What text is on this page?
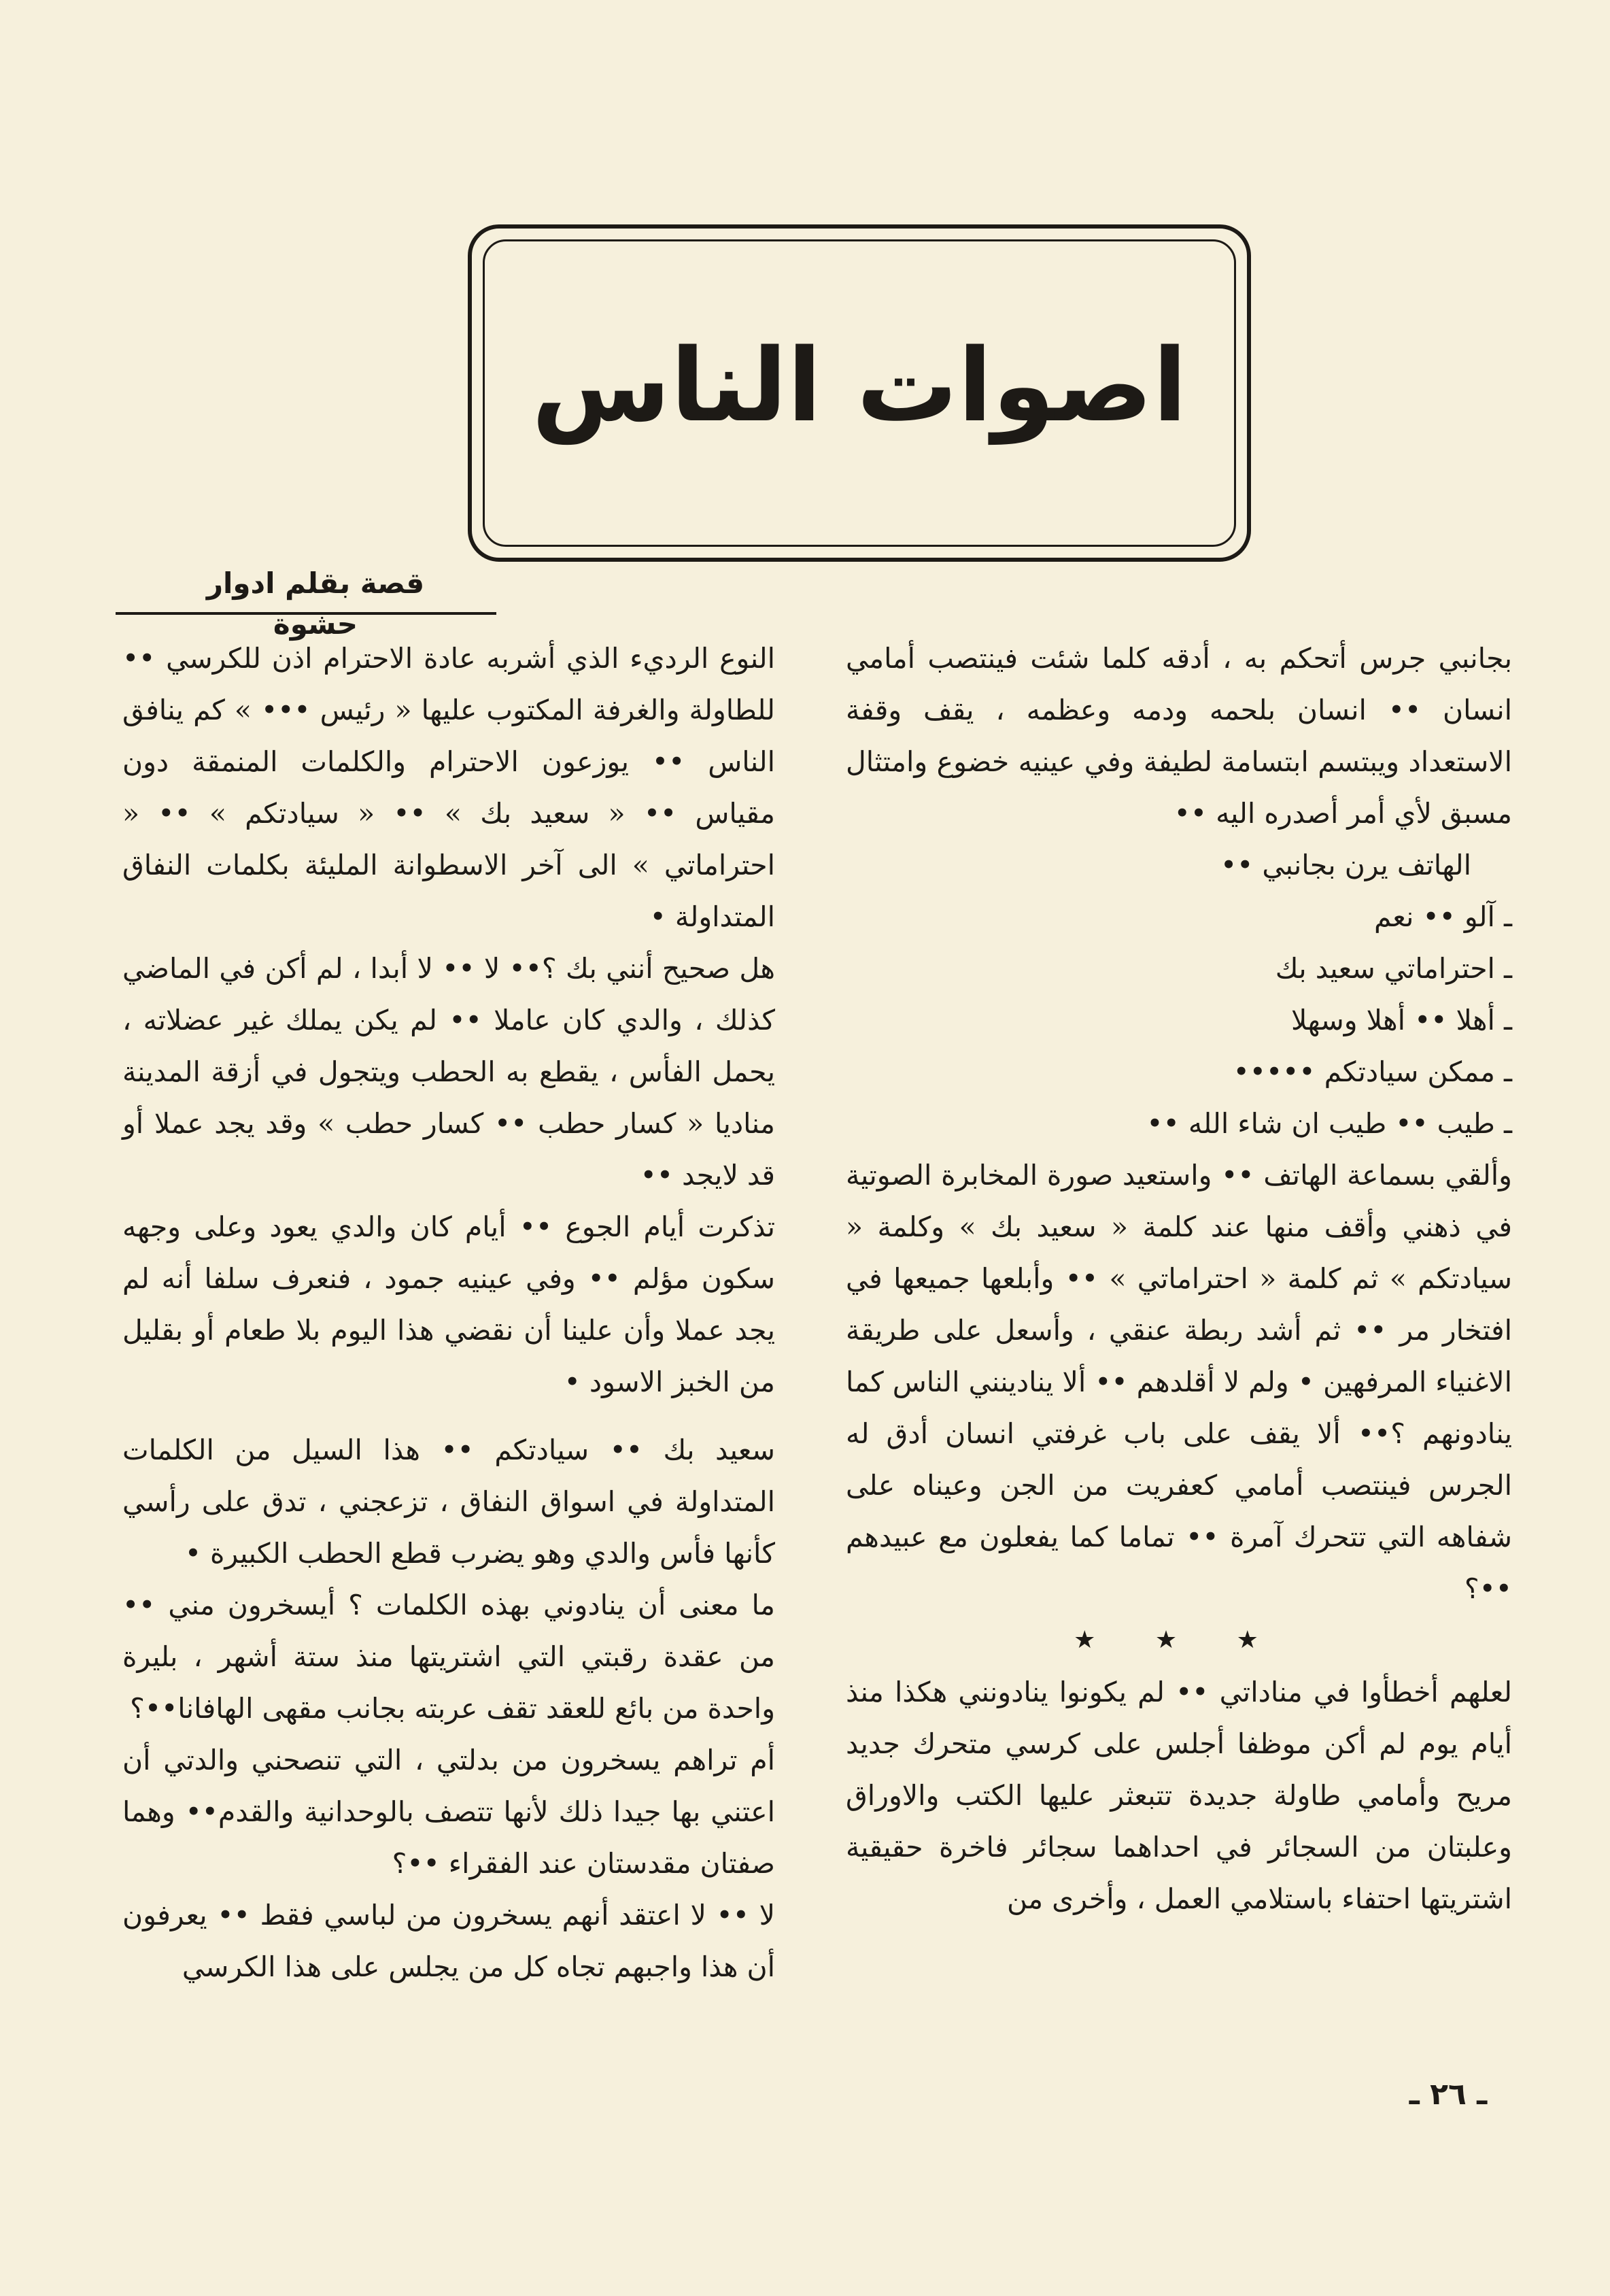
اصوات الناس
قصة بقلم ادوار حشوة

بجانبي جرس أتحكم به ، أدقه كلما شئت فينتصب أمامي انسان •• انسان بلحمه ودمه وعظمه ، يقف وقفة الاستعداد ويبتسم ابتسامة لطيفة وفي عينيه خضوع وامتثال مسبق لأي أمر أصدره اليه ••

الهاتف يرن بجانبي ••

ـ آلو •• نعم

ـ احتراماتي سعيد بك

ـ أهلا •• أهلا وسهلا

ـ ممكن سيادتكم •••••

ـ طيب •• طيب ان شاء الله ••

وألقي بسماعة الهاتف •• واستعيد صورة المخابرة الصوتية في ذهني وأقف منها عند كلمة « سعيد بك » وكلمة « سيادتكم » ثم كلمة « احتراماتي » •• وأبلعها جميعها في افتخار مر •• ثم أشد ربطة عنقي ، وأسعل على طريقة الاغنياء المرفهين • ولم لا أقلدهم •• ألا ينادينني الناس كما ينادونهم ؟•• ألا يقف على باب غرفتي انسان أدق له الجرس فينتصب أمامي كعفريت من الجن وعيناه على شفاهه التي تتحرك آمرة •• تماما كما يفعلون مع عبيدهم ••؟

★ ★ ★

لعلهم أخطأوا في مناداتي •• لم يكونوا ينادونني هكذا منذ أيام يوم لم أكن موظفا أجلس على كرسي متحرك جديد مريح وأمامي طاولة جديدة تتبعثر عليها الكتب والاوراق وعلبتان من السجائر في احداهما سجائر فاخرة حقيقية اشتريتها احتفاء باستلامي العمل ، وأخرى من

النوع الرديء الذي أشربه عادة الاحترام اذن للكرسي •• للطاولة والغرفة المكتوب عليها « رئيس ••• » كم ينافق الناس •• يوزعون الاحترام والكلمات المنمقة دون مقياس •• « سعيد بك » •• « سيادتكم » •• « احتراماتي » الى آخر الاسطوانة المليئة بكلمات النفاق المتداولة •

هل صحيح أنني بك ؟•• لا •• لا أبدا ، لم أكن في الماضي كذلك ، والدي كان عاملا •• لم يكن يملك غير عضلاته ، يحمل الفأس ، يقطع به الحطب ويتجول في أزقة المدينة مناديا « كسار حطب •• كسار حطب » وقد يجد عملا أو قد لايجد ••

تذكرت أيام الجوع •• أيام كان والدي يعود وعلى وجهه سكون مؤلم •• وفي عينيه جمود ، فنعرف سلفا أنه لم يجد عملا وأن علينا أن نقضي هذا اليوم بلا طعام أو بقليل من الخبز الاسود •

سعيد بك •• سيادتكم •• هذا السيل من الكلمات المتداولة في اسواق النفاق ، تزعجني ، تدق على رأسي كأنها فأس والدي وهو يضرب قطع الحطب الكبيرة •

ما معنى أن ينادوني بهذه الكلمات ؟ أيسخرون مني •• من عقدة رقبتي التي اشتريتها منذ ستة أشهر ، بليرة واحدة من بائع للعقد تقف عربته بجانب مقهى الهافانا••؟

أم تراهم يسخرون من بدلتي ، التي تنصحني والدتي أن اعتني بها جيدا ذلك لأنها تتصف بالوحدانية والقدم•• وهما صفتان مقدستان عند الفقراء ••؟

لا •• لا اعتقد أنهم يسخرون من لباسي فقط •• يعرفون أن هذا واجبهم تجاه كل من يجلس على هذا الكرسي

ـ ٢٦ ـ
